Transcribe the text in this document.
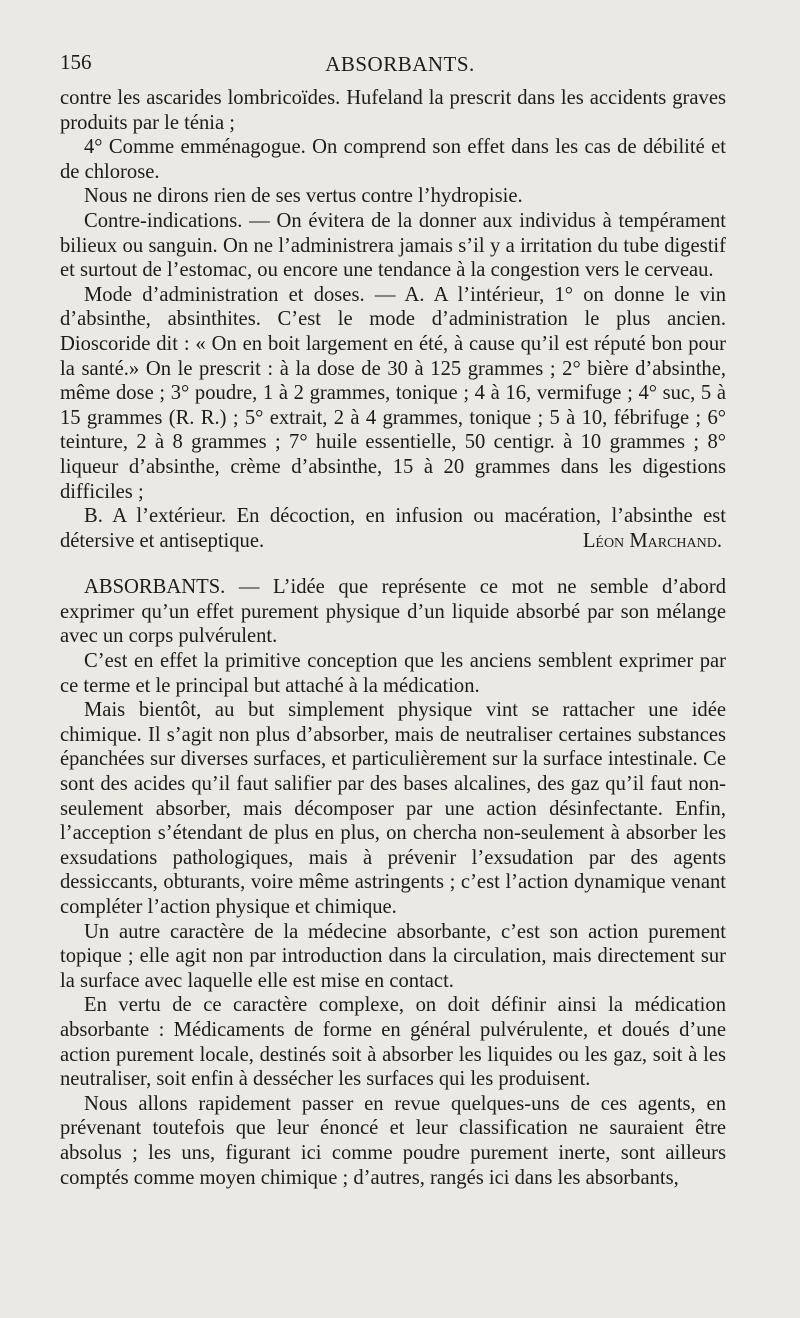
156	ABSORBANTS.

contre les ascarides lombricoïdes. Hufeland la prescrit dans les accidents graves produits par le ténia ;

4° Comme emménagogue. On comprend son effet dans les cas de débilité et de chlorose.

Nous ne dirons rien de ses vertus contre l’hydropisie.

Contre-indications. — On évitera de la donner aux individus à tempérament bilieux ou sanguin. On ne l’administrera jamais s’il y a irritation du tube digestif et surtout de l’estomac, ou encore une tendance à la congestion vers le cerveau.

Mode d’administration et doses. — A. A l’intérieur, 1° on donne le vin d’absinthe, absinthites. C’est le mode d’administration le plus ancien. Dioscoride dit : « On en boit largement en été, à cause qu’il est réputé bon pour la santé.» On le prescrit : à la dose de 30 à 125 grammes ; 2° bière d’absinthe, même dose ; 3° poudre, 1 à 2 grammes, tonique ; 4 à 16, vermifuge ; 4° suc, 5 à 15 grammes (R. R.) ; 5° extrait, 2 à 4 grammes, tonique ; 5 à 10, fébrifuge ; 6° teinture, 2 à 8 grammes ; 7° huile essentielle, 50 centigr. à 10 grammes ; 8° liqueur d’absinthe, crème d’absinthe, 15 à 20 grammes dans les digestions difficiles ;

B. A l’extérieur. En décoction, en infusion ou macération, l’absinthe est détersive et antiseptique.	Léon Marchand.

ABSORBANTS. — L’idée que représente ce mot ne semble d’abord exprimer qu’un effet purement physique d’un liquide absorbé par son mélange avec un corps pulvérulent.

C’est en effet la primitive conception que les anciens semblent exprimer par ce terme et le principal but attaché à la médication.

Mais bientôt, au but simplement physique vint se rattacher une idée chimique. Il s’agit non plus d’absorber, mais de neutraliser certaines substances épanchées sur diverses surfaces, et particulièrement sur la surface intestinale. Ce sont des acides qu’il faut salifier par des bases alcalines, des gaz qu’il faut non-seulement absorber, mais décomposer par une action désinfectante. Enfin, l’acception s’étendant de plus en plus, on chercha non-seulement à absorber les exsudations pathologiques, mais à prévenir l’exsudation par des agents dessiccants, obturants, voire même astringents ; c’est l’action dynamique venant compléter l’action physique et chimique.

Un autre caractère de la médecine absorbante, c’est son action purement topique ; elle agit non par introduction dans la circulation, mais directement sur la surface avec laquelle elle est mise en contact.

En vertu de ce caractère complexe, on doit définir ainsi la médication absorbante : Médicaments de forme en général pulvérulente, et doués d’une action purement locale, destinés soit à absorber les liquides ou les gaz, soit à les neutraliser, soit enfin à dessécher les surfaces qui les produisent.

Nous allons rapidement passer en revue quelques-uns de ces agents, en prévenant toutefois que leur énoncé et leur classification ne sauraient être absolus ; les uns, figurant ici comme poudre purement inerte, sont ailleurs comptés comme moyen chimique ; d’autres, rangés ici dans les absorbants,
